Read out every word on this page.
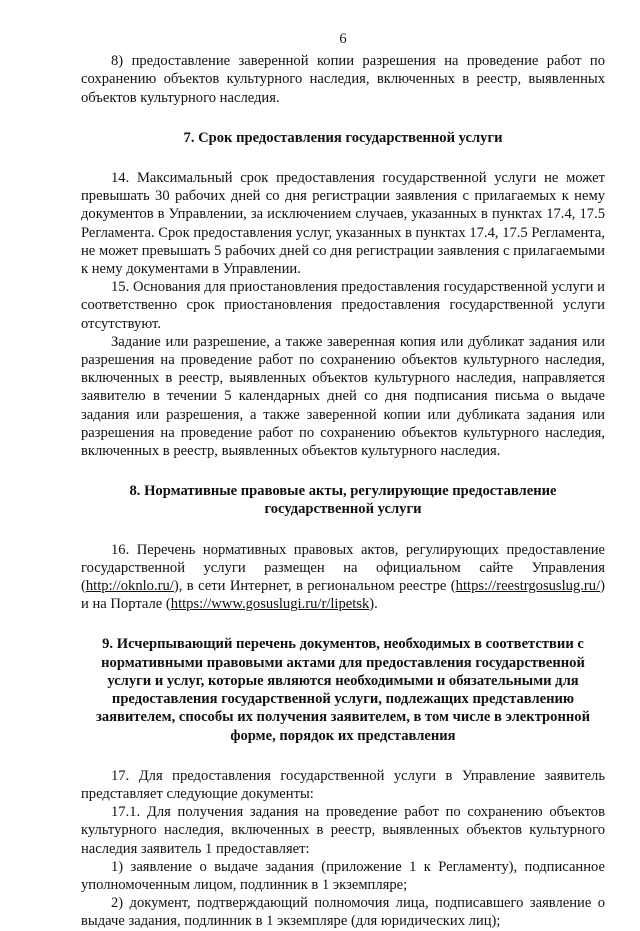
6

8) предоставление заверенной копии разрешения на проведение работ по сохранению объектов культурного наследия, включенных в реестр, выявленных объектов культурного наследия.

7. Срок предоставления государственной услуги

14. Максимальный срок предоставления государственной услуги не может превышать 30 рабочих дней со дня регистрации заявления с прилагаемых к нему документов в Управлении, за исключением случаев, указанных в пунктах 17.4, 17.5 Регламента. Срок предоставления услуг, указанных в пунктах 17.4, 17.5 Регламента, не может превышать 5 рабочих дней со дня регистрации заявления с прилагаемыми к нему документами в Управлении.

15. Основания для приостановления предоставления государственной услуги и соответственно срок приостановления предоставления государственной услуги отсутствуют.

Задание или разрешение, а также заверенная копия или дубликат задания или разрешения на проведение работ по сохранению объектов культурного наследия, включенных в реестр, выявленных объектов культурного наследия, направляется заявителю в течении 5 календарных дней со дня подписания письма о выдаче задания или разрешения, а также заверенной копии или дубликата задания или разрешения на проведение работ по сохранению объектов культурного наследия, включенных в реестр, выявленных объектов культурного наследия.

8. Нормативные правовые акты, регулирующие предоставление
государственной услуги

16. Перечень нормативных правовых актов, регулирующих предоставление государственной услуги размещен на официальном сайте Управления (http://oknlo.ru/), в сети Интернет, в региональном реестре (https://reestrgosuslug.ru/) и на Портале (https://www.gosuslugi.ru/r/lipetsk).

9. Исчерпывающий перечень документов, необходимых в соответствии с
нормативными правовыми актами для предоставления государственной
услуги и услуг, которые являются необходимыми и обязательными для
предоставления государственной услуги, подлежащих представлению
заявителем, способы их получения заявителем, в том числе в электронной
форме, порядок их представления

17. Для предоставления государственной услуги в Управление заявитель представляет следующие документы:

17.1. Для получения задания на проведение работ по сохранению объектов культурного наследия, включенных в реестр, выявленных объектов культурного наследия заявитель 1 предоставляет:

1) заявление о выдаче задания (приложение 1 к Регламенту), подписанное уполномоченным лицом, подлинник в 1 экземпляре;

2) документ, подтверждающий полномочия лица, подписавшего заявление о выдаче задания, подлинник в 1 экземпляре (для юридических лиц);
